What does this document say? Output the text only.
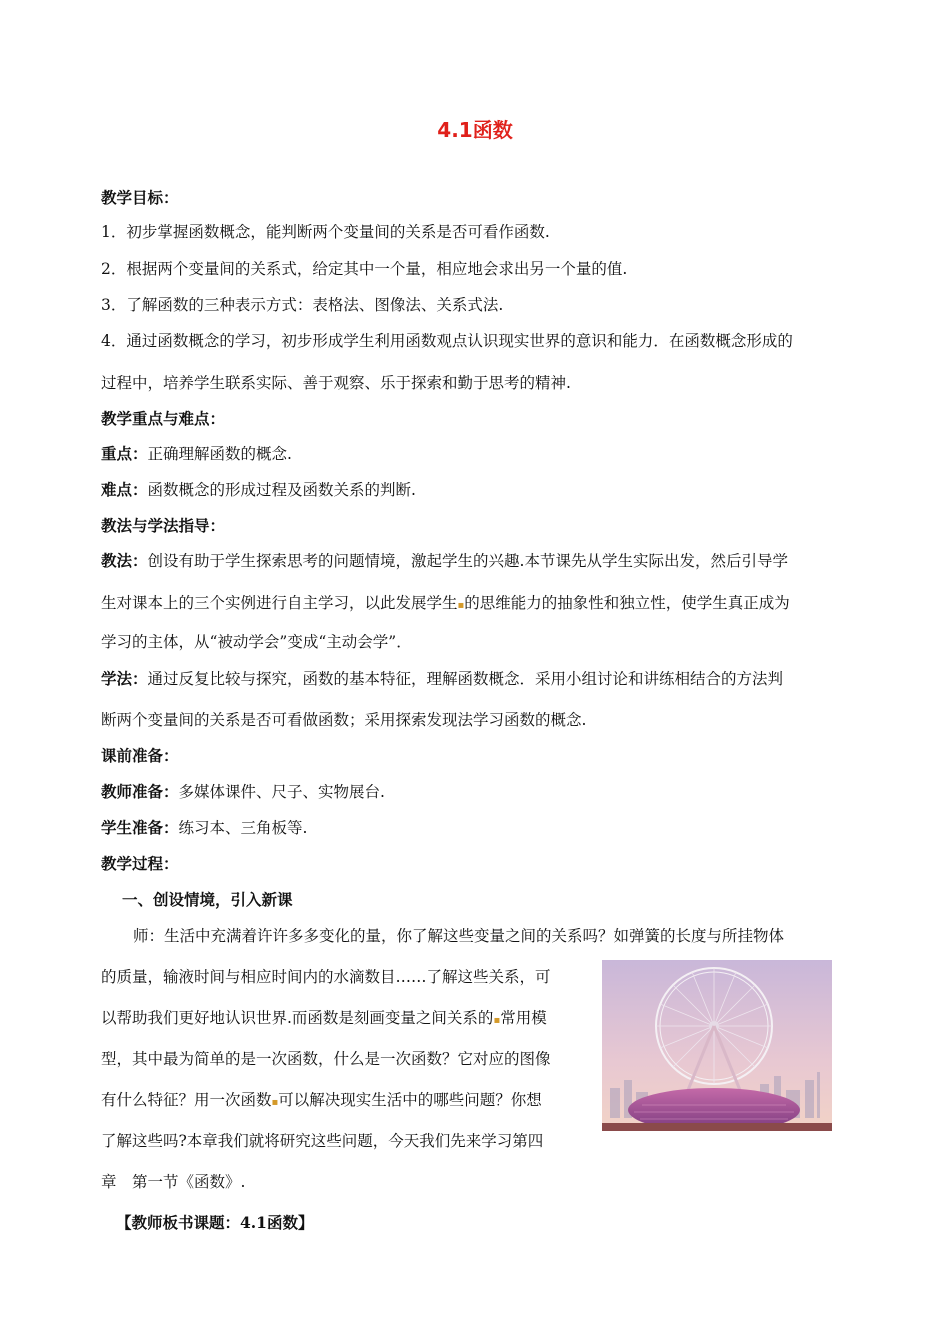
4.1函数
教学目标：
1．初步掌握函数概念，能判断两个变量间的关系是否可看作函数.
2．根据两个变量间的关系式，给定其中一个量，相应地会求出另一个量的值.
3．了解函数的三种表示方式：表格法、图像法、关系式法.
4．通过函数概念的学习，初步形成学生利用函数观点认识现实世界的意识和能力．在函数概念形成的
过程中，培养学生联系实际、善于观察、乐于探索和勤于思考的精神.
教学重点与难点：
重点：正确理解函数的概念.
难点：函数概念的形成过程及函数关系的判断.
教法与学法指导：
教法：创设有助于学生探索思考的问题情境，激起学生的兴趣.本节课先从学生实际出发，然后引导学
生对课本上的三个实例进行自主学习，以此发展学生▪的思维能力的抽象性和独立性，使学生真正成为
学习的主体，从“被动学会”变成“主动会学”．
学法：通过反复比较与探究，函数的基本特征，理解函数概念．采用小组讨论和讲练相结合的方法判
断两个变量间的关系是否可看做函数；采用探索发现法学习函数的概念.
课前准备：
教师准备：多媒体课件、尺子、实物展台.
学生准备：练习本、三角板等.
教学过程：
一、创设情境，引入新课
师：生活中充满着许许多多变化的量，你了解这些变量之间的关系吗？如弹簧的长度与所挂物体
的质量，输液时间与相应时间内的水滴数目……了解这些关系，可
以帮助我们更好地认识世界.而函数是刻画变量之间关系的▪常用模
型，其中最为简单的是一次函数，什么是一次函数？它对应的图像
有什么特征？用一次函数▪可以解决现实生活中的哪些问题？你想
了解这些吗?本章我们就将研究这些问题，今天我们先来学习第四
章　第一节《函数》.
【教师板书课题：4.1函数】
